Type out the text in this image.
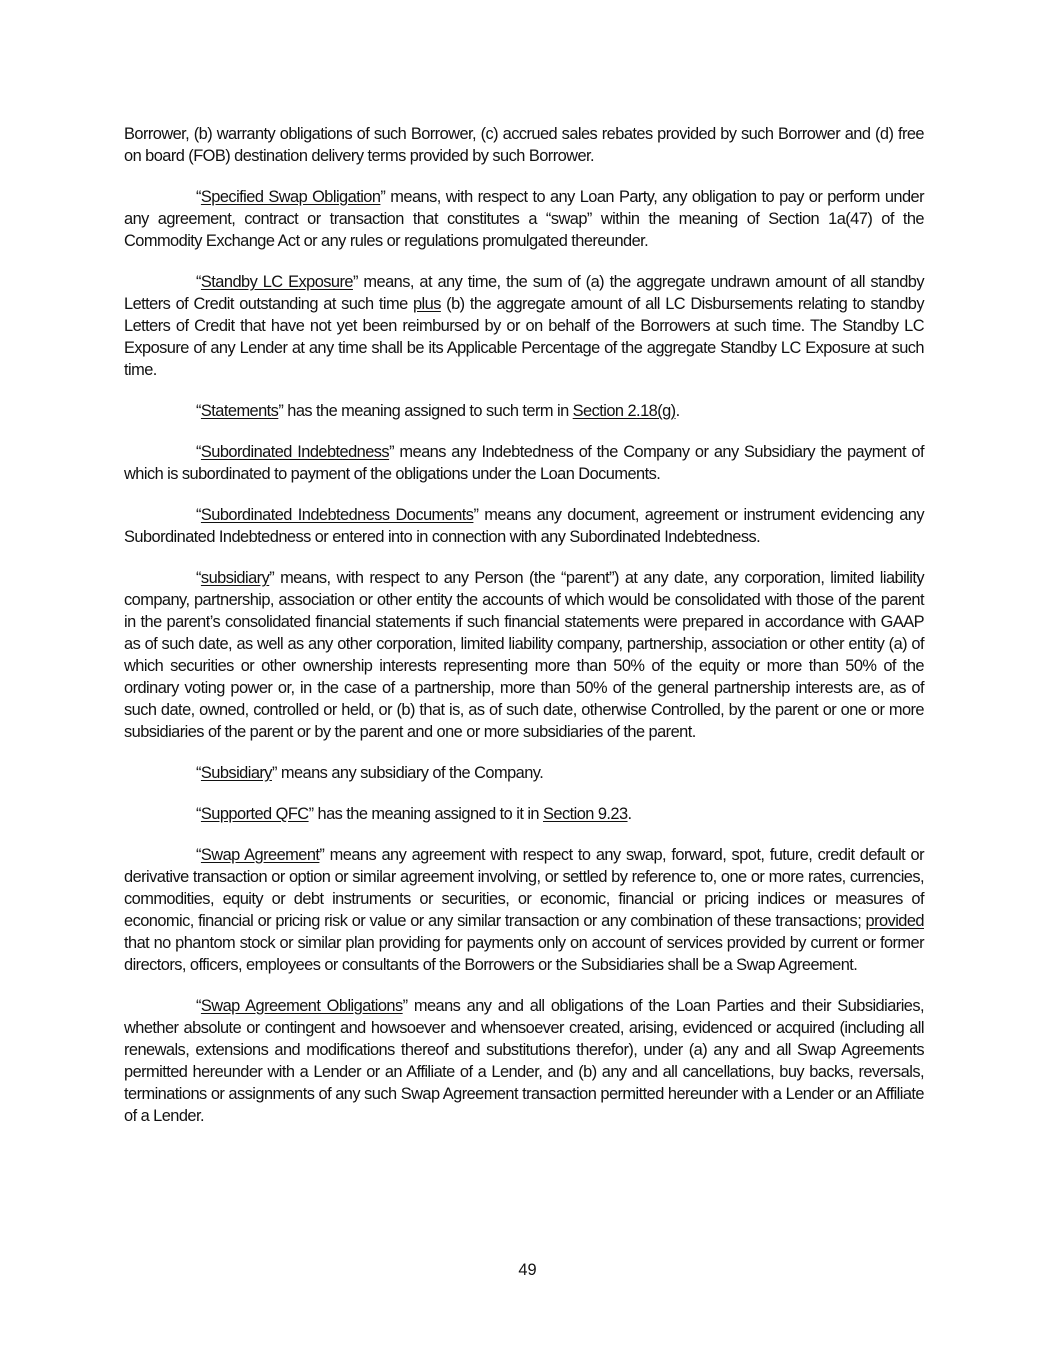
Borrower, (b) warranty obligations of such Borrower, (c) accrued sales rebates provided by such Borrower and (d) free on board (FOB) destination delivery terms provided by such Borrower.

“Specified Swap Obligation” means, with respect to any Loan Party, any obligation to pay or perform under any agreement, contract or transaction that constitutes a “swap” within the meaning of Section 1a(47) of the Commodity Exchange Act or any rules or regulations promulgated thereunder.

“Standby LC Exposure” means, at any time, the sum of (a) the aggregate undrawn amount of all standby Letters of Credit outstanding at such time plus (b) the aggregate amount of all LC Disbursements relating to standby Letters of Credit that have not yet been reimbursed by or on behalf of the Borrowers at such time. The Standby LC Exposure of any Lender at any time shall be its Applicable Percentage of the aggregate Standby LC Exposure at such time.

“Statements” has the meaning assigned to such term in Section 2.18(g).

“Subordinated Indebtedness” means any Indebtedness of the Company or any Subsidiary the payment of which is subordinated to payment of the obligations under the Loan Documents.

“Subordinated Indebtedness Documents” means any document, agreement or instrument evidencing any Subordinated Indebtedness or entered into in connection with any Subordinated Indebtedness.

“subsidiary” means, with respect to any Person (the “parent”) at any date, any corporation, limited liability company, partnership, association or other entity the accounts of which would be consolidated with those of the parent in the parent’s consolidated financial statements if such financial statements were prepared in accordance with GAAP as of such date, as well as any other corporation, limited liability company, partnership, association or other entity (a) of which securities or other ownership interests representing more than 50% of the equity or more than 50% of the ordinary voting power or, in the case of a partnership, more than 50% of the general partnership interests are, as of such date, owned, controlled or held, or (b) that is, as of such date, otherwise Controlled, by the parent or one or more subsidiaries of the parent or by the parent and one or more subsidiaries of the parent.

“Subsidiary” means any subsidiary of the Company.

“Supported QFC” has the meaning assigned to it in Section 9.23.

“Swap Agreement” means any agreement with respect to any swap, forward, spot, future, credit default or derivative transaction or option or similar agreement involving, or settled by reference to, one or more rates, currencies, commodities, equity or debt instruments or securities, or economic, financial or pricing indices or measures of economic, financial or pricing risk or value or any similar transaction or any combination of these transactions; provided that no phantom stock or similar plan providing for payments only on account of services provided by current or former directors, officers, employees or consultants of the Borrowers or the Subsidiaries shall be a Swap Agreement.

“Swap Agreement Obligations” means any and all obligations of the Loan Parties and their Subsidiaries, whether absolute or contingent and howsoever and whensoever created, arising, evidenced or acquired (including all renewals, extensions and modifications thereof and substitutions therefor), under (a) any and all Swap Agreements permitted hereunder with a Lender or an Affiliate of a Lender, and (b) any and all cancellations, buy backs, reversals, terminations or assignments of any such Swap Agreement transaction permitted hereunder with a Lender or an Affiliate of a Lender.

49
